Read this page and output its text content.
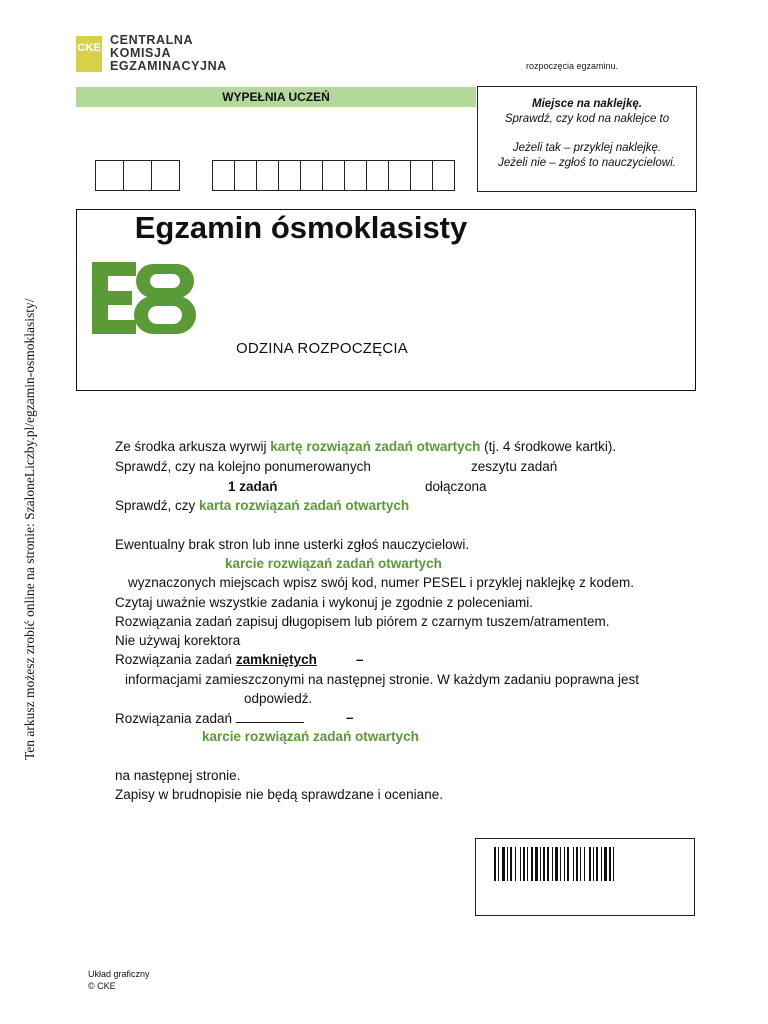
CKE
CENTRALNA
KOMISJA
EGZAMINACYJNA	rozpoczęcia egzaminu.
WYPEŁNIA UCZEŃ	Miejsce na naklejkę.
Sprawdź, czy kod na naklejce to
Jeżeli tak – przyklej naklejkę.
Jeżeli nie – zgłoś to nauczycielowi.
Egzamin ósmoklasisty
ODZINA ROZPOCZĘCIA
Ten arkusz możesz zrobić online na stronie: SzaloneLiczby.pl/egzamin-osmoklasisty/	Ze środka arkusza wyrwij kartę rozwiązań zadań otwartych (tj. 4 środkowe kartki).
Sprawdź, czy na kolejno ponumerowanych	zeszytu zadań
1 zadań	dołączona
Sprawdź, czy karta rozwiązań zadań otwartych
Ewentualny brak stron lub inne usterki zgłoś nauczycielowi.
karcie rozwiązań zadań otwartych
wyznaczonych miejscach wpisz swój kod, numer PESEL i przyklej naklejkę z kodem.
Czytaj uważnie wszystkie zadania i wykonuj je zgodnie z poleceniami.
Rozwiązania zadań zapisuj długopisem lub piórem z czarnym tuszem/atramentem.
Nie używaj korektora
Rozwiązania zadań zamkniętych	–
informacjami zamieszczonymi na następnej stronie. W każdym zadaniu poprawna jest
odpowiedź.
Rozwiązania zadań	–
karcie rozwiązań zadań otwartych
na następnej stronie.
Zapisy w brudnopisie nie będą sprawdzane i oceniane.
Układ graficzny
© CKE
